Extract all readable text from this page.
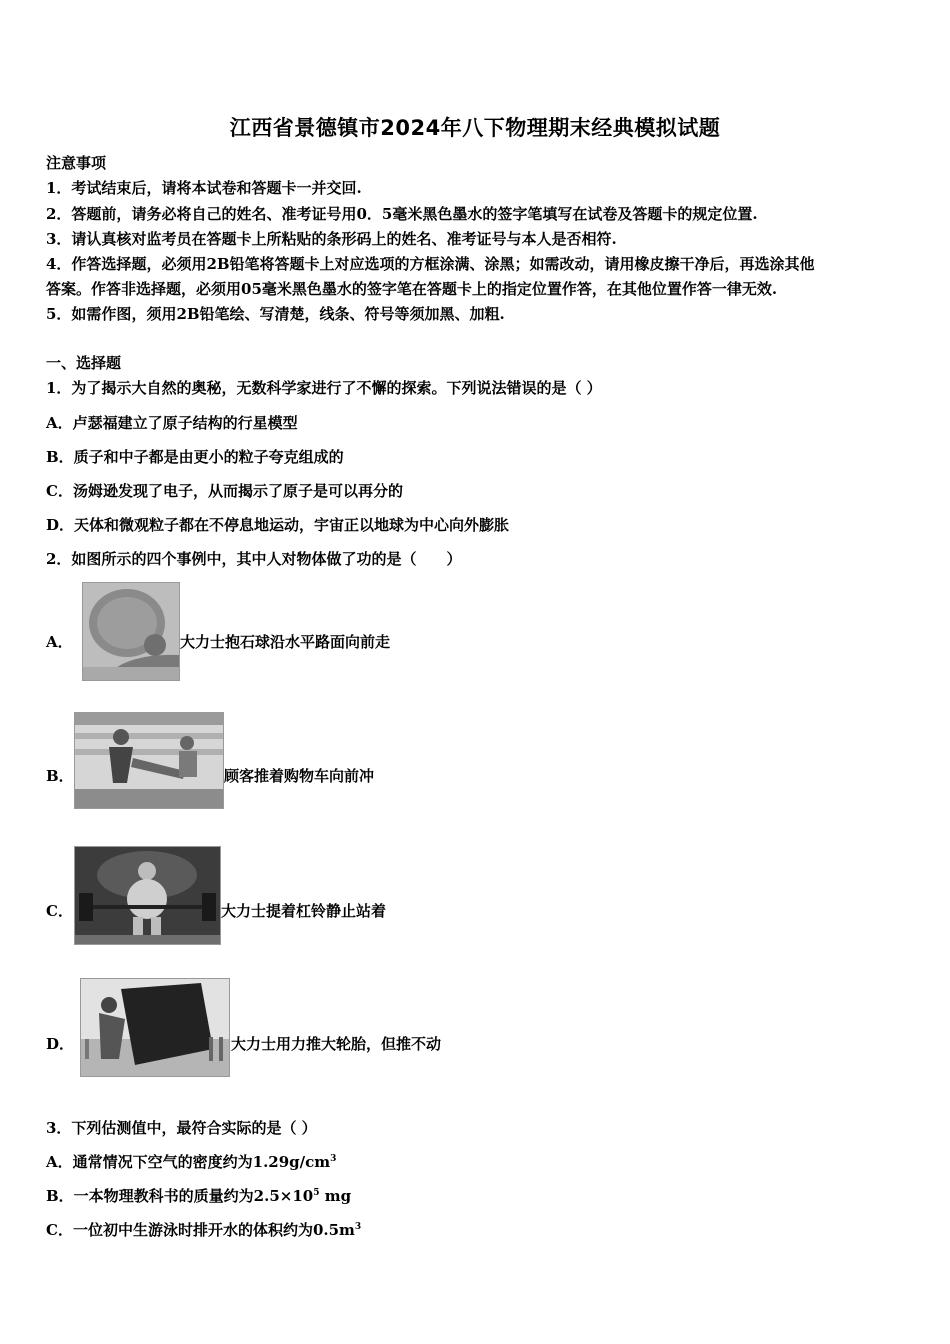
江西省景德镇市2024年八下物理期末经典模拟试题
注意事项
1．考试结束后，请将本试卷和答题卡一并交回.
2．答题前，请务必将自己的姓名、准考证号用0．5毫米黑色墨水的签字笔填写在试卷及答题卡的规定位置.
3．请认真核对监考员在答题卡上所粘贴的条形码上的姓名、准考证号与本人是否相符.
4．作答选择题，必须用2B铅笔将答题卡上对应选项的方框涂满、涂黑；如需改动，请用橡皮擦干净后，再选涂其他
答案。作答非选择题，必须用05毫米黑色墨水的签字笔在答题卡上的指定位置作答，在其他位置作答一律无效.
5．如需作图，须用2B铅笔绘、写清楚，线条、符号等须加黑、加粗.
一、选择题
1．为了揭示大自然的奥秘，无数科学家进行了不懈的探索。下列说法错误的是（ ）
A．卢瑟福建立了原子结构的行星模型
B．质子和中子都是由更小的粒子夸克组成的
C．汤姆逊发现了电子，从而揭示了原子是可以再分的
D．天体和微观粒子都在不停息地运动，宇宙正以地球为中心向外膨胀
2．如图所示的四个事例中，其中人对物体做了功的是（　　）
A．	大力士抱石球沿水平路面向前走
B．	顾客推着购物车向前冲
C．	大力士提着杠铃静止站着
D．	大力士用力推大轮胎，但推不动
3．下列估测值中，最符合实际的是（ ）
A．通常情况下空气的密度约为$1.29g/cm^3$
B．一本物理教科书的质量约为$2.5\times 10^5$ mg
C．一位初中生游泳时排开水的体积约为$0.5m^3$
